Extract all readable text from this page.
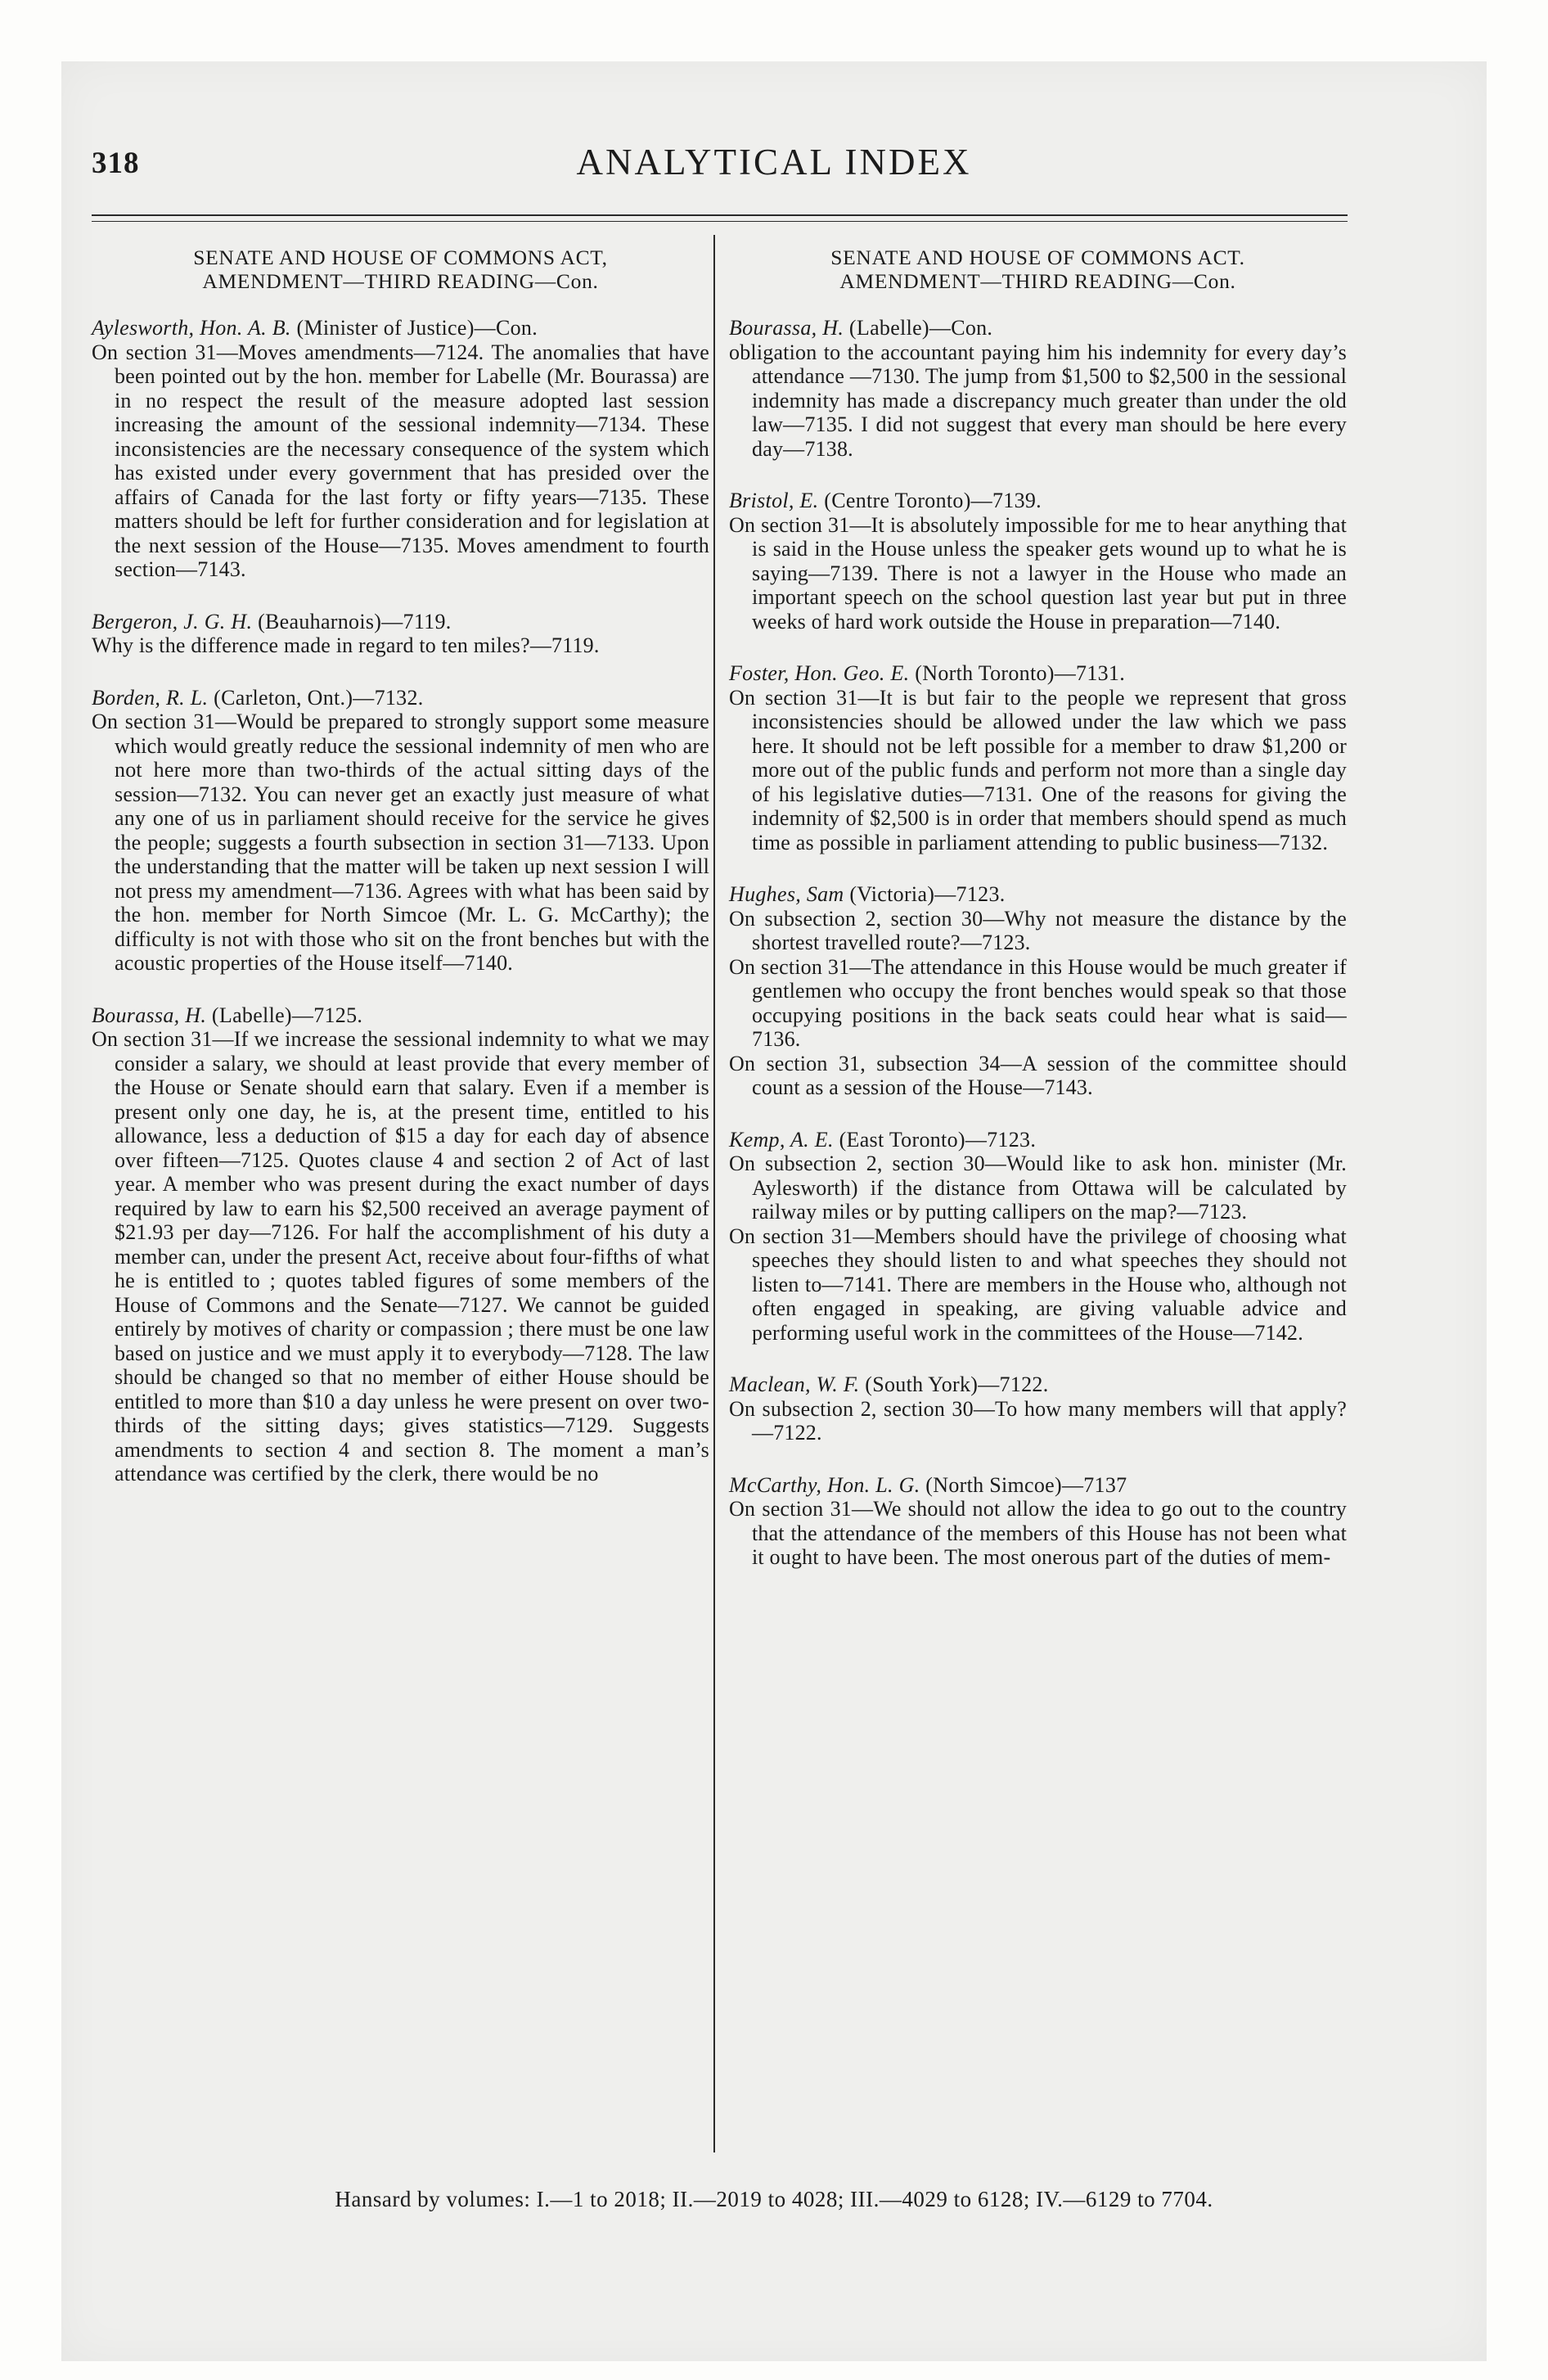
318	ANALYTICAL INDEX
SENATE AND HOUSE OF COMMONS ACT,
AMENDMENT—THIRD READING—Con.
Aylesworth, Hon. A. B. (Minister of Justice)—Con.

On section 31—Moves amendments—7124. The anomalies that have been pointed out by the hon. member for Labelle (Mr. Bourassa) are in no respect the result of the measure adopted last session increasing the amount of the sessional indemnity—7134. These inconsistencies are the necessary consequence of the system which has existed under every government that has presided over the affairs of Canada for the last forty or fifty years—7135. These matters should be left for further consideration and for legislation at the next session of the House—7135. Moves amendment to fourth section—7143.

Bergeron, J. G. H. (Beauharnois)—7119.

Why is the difference made in regard to ten miles?—7119.

Borden, R. L. (Carleton, Ont.)—7132.

On section 31—Would be prepared to strongly support some measure which would greatly reduce the sessional indemnity of men who are not here more than two-thirds of the actual sitting days of the session—7132. You can never get an exactly just measure of what any one of us in parliament should receive for the service he gives the people; suggests a fourth subsection in section 31—7133. Upon the understanding that the matter will be taken up next session I will not press my amendment—7136. Agrees with what has been said by the hon. member for North Simcoe (Mr. L. G. McCarthy); the difficulty is not with those who sit on the front benches but with the acoustic properties of the House itself—7140.

Bourassa, H. (Labelle)—7125.

On section 31—If we increase the sessional indemnity to what we may consider a salary, we should at least provide that every member of the House or Senate should earn that salary. Even if a member is present only one day, he is, at the present time, entitled to his allowance, less a deduction of $15 a day for each day of absence over fifteen—7125. Quotes clause 4 and section 2 of Act of last year. A member who was present during the exact number of days required by law to earn his $2,500 received an average payment of $21.93 per day—7126. For half the accomplishment of his duty a member can, under the present Act, receive about four-fifths of what he is entitled to ; quotes tabled figures of some members of the House of Commons and the Senate—7127. We cannot be guided entirely by motives of charity or compassion ; there must be one law based on justice and we must apply it to everybody—7128. The law should be changed so that no member of either House should be entitled to more than $10 a day unless he were present on over two-thirds of the sitting days; gives statistics—7129. Suggests amendments to section 4 and section 8. The moment a man’s attendance was certified by the clerk, there would be no

SENATE AND HOUSE OF COMMONS ACT.
AMENDMENT—THIRD READING—Con.
Bourassa, H. (Labelle)—Con.

obligation to the accountant paying him his indemnity for every day’s attendance —7130. The jump from $1,500 to $2,500 in the sessional indemnity has made a discrepancy much greater than under the old law—7135. I did not suggest that every man should be here every day—7138.

Bristol, E. (Centre Toronto)—7139.

On section 31—It is absolutely impossible for me to hear anything that is said in the House unless the speaker gets wound up to what he is saying—7139. There is not a lawyer in the House who made an important speech on the school question last year but put in three weeks of hard work outside the House in preparation—7140.

Foster, Hon. Geo. E. (North Toronto)—7131.

On section 31—It is but fair to the people we represent that gross inconsistencies should be allowed under the law which we pass here. It should not be left possible for a member to draw $1,200 or more out of the public funds and perform not more than a single day of his legislative duties—7131. One of the reasons for giving the indemnity of $2,500 is in order that members should spend as much time as possible in parliament attending to public business—7132.

Hughes, Sam (Victoria)—7123.

On subsection 2, section 30—Why not measure the distance by the shortest travelled route?—7123.

On section 31—The attendance in this House would be much greater if gentlemen who occupy the front benches would speak so that those occupying positions in the back seats could hear what is said—7136.

On section 31, subsection 34—A session of the committee should count as a session of the House—7143.

Kemp, A. E. (East Toronto)—7123.

On subsection 2, section 30—Would like to ask hon. minister (Mr. Aylesworth) if the distance from Ottawa will be calculated by railway miles or by putting callipers on the map?—7123.

On section 31—Members should have the privilege of choosing what speeches they should listen to and what speeches they should not listen to—7141. There are members in the House who, although not often engaged in speaking, are giving valuable advice and performing useful work in the committees of the House—7142.

Maclean, W. F. (South York)—7122.

On subsection 2, section 30—To how many members will that apply?—7122.

McCarthy, Hon. L. G. (North Simcoe)—7137

On section 31—We should not allow the idea to go out to the country that the attendance of the members of this House has not been what it ought to have been. The most onerous part of the duties of mem-

Hansard by volumes: I.—1 to 2018; II.—2019 to 4028; III.—4029 to 6128; IV.—6129 to 7704.
